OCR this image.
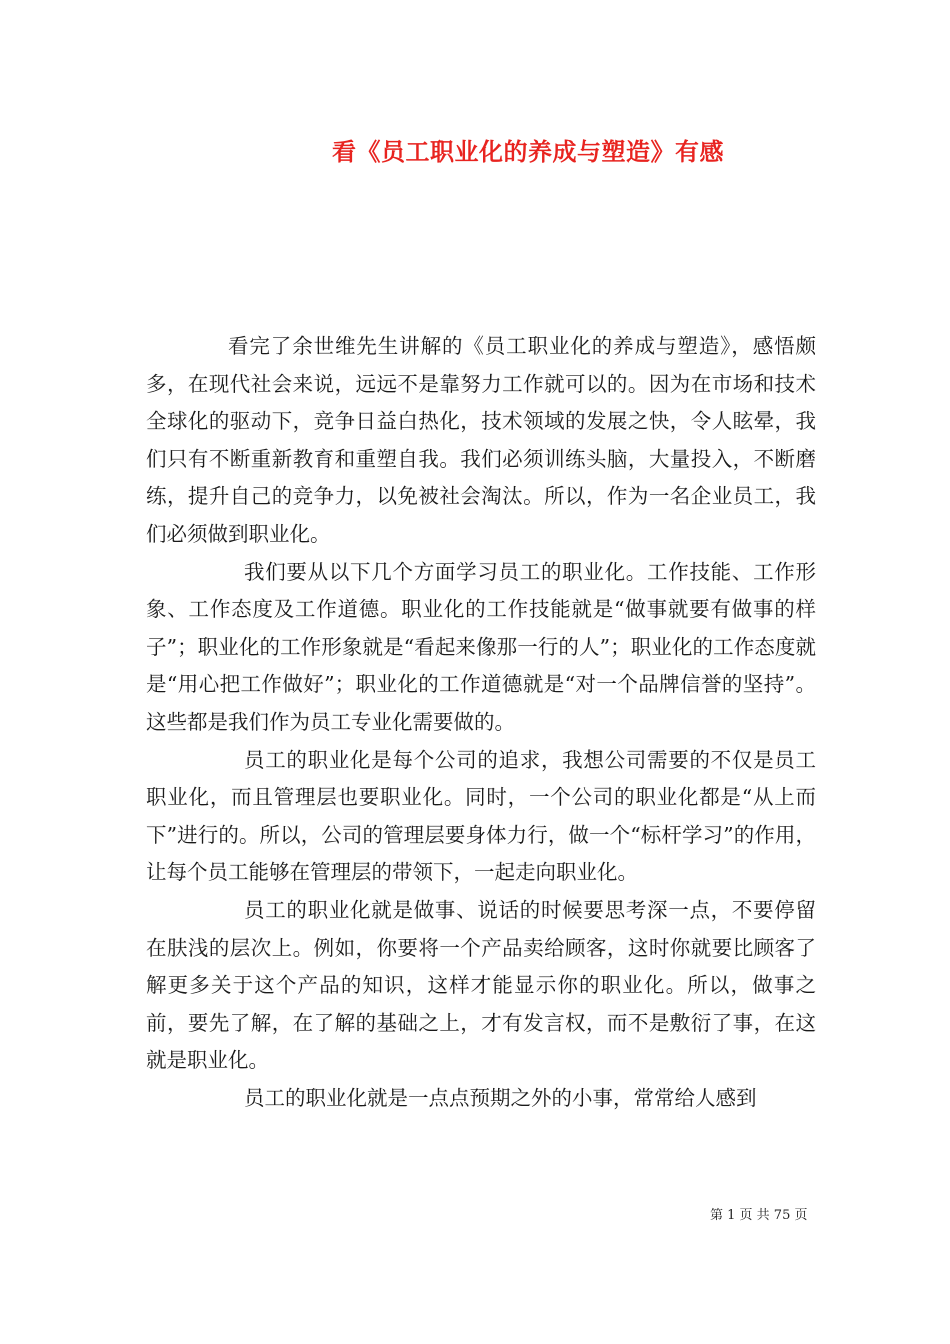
看《员工职业化的养成与塑造》有感

看完了余世维先生讲解的《员工职业化的养成与塑造》，感悟颇多，在现代社会来说，远远不是靠努力工作就可以的。因为在市场和技术全球化的驱动下，竞争日益白热化，技术领域的发展之快，令人眩晕，我们只有不断重新教育和重塑自我。我们必须训练头脑，大量投入，不断磨练，提升自己的竞争力，以免被社会淘汰。所以，作为一名企业员工，我们必须做到职业化。

我们要从以下几个方面学习员工的职业化。工作技能、工作形象、工作态度及工作道德。职业化的工作技能就是“做事就要有做事的样子”；职业化的工作形象就是“看起来像那一行的人”；职业化的工作态度就是“用心把工作做好”；职业化的工作道德就是“对一个品牌信誉的坚持”。这些都是我们作为员工专业化需要做的。

员工的职业化是每个公司的追求，我想公司需要的不仅是员工职业化，而且管理层也要职业化。同时，一个公司的职业化都是“从上而下”进行的。所以，公司的管理层要身体力行，做一个“标杆学习”的作用，让每个员工能够在管理层的带领下，一起走向职业化。

员工的职业化就是做事、说话的时候要思考深一点，不要停留在肤浅的层次上。例如，你要将一个产品卖给顾客，这时你就要比顾客了解更多关于这个产品的知识，这样才能显示你的职业化。所以，做事之前，要先了解，在了解的基础之上，才有发言权，而不是敷衍了事，在这就是职业化。

员工的职业化就是一点点预期之外的小事，常常给人感到

第 1 页 共 75 页
